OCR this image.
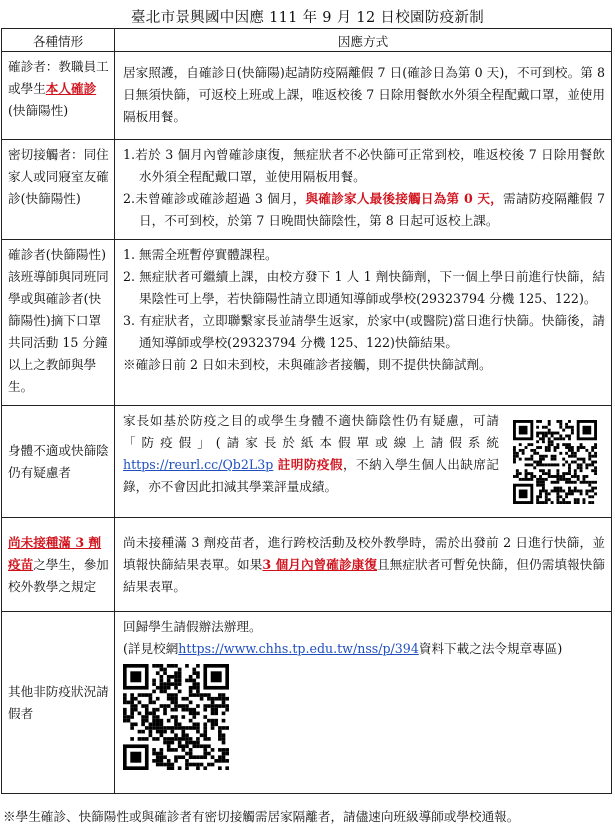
臺北市景興國中因應 111 年 9 月 12 日校園防疫新制
各種情形	因應方式

確診者：教職員工或學生本人確診(快篩陽性)	居家照護，自確診日(快篩陽)起請防疫隔離假 7 日(確診日為第 0 天)，不可到校。第 8 日無須快篩，可返校上班或上課，唯返校後 7 日除用餐飲水外須全程配戴口罩，並使用隔板用餐。

密切接觸者：同住家人或同寢室友確診(快篩陽性)	1.若於 3 個月內曾確診康復，無症狀者不必快篩可正常到校，唯返校後 7 日除用餐飲水外須全程配戴口罩，並使用隔板用餐。
2.未曾確診或確診超過 3 個月，與確診家人最後接觸日為第 0 天，需請防疫隔離假 7 日，不可到校，於第 7 日晚間快篩陰性，第 8 日起可返校上課。

確診者(快篩陽性)該班導師與同班同學或與確診者(快篩陽性)摘下口罩共同活動 15 分鐘以上之教師與學生。	1. 無需全班暫停實體課程。
2. 無症狀者可繼續上課，由校方發下 1 人 1 劑快篩劑，下一個上學日前進行快篩，結果陰性可上學，若快篩陽性請立即通知導師或學校(29323794 分機 125、122)。
3. 有症狀者，立即聯繫家長並請學生返家，於家中(或醫院)當日進行快篩。快篩後，請通知導師或學校(29323794 分機 125、122)快篩結果。
※確診日前 2 日如未到校，未與確診者接觸，則不提供快篩試劑。

身體不適或快篩陰仍有疑慮者	家長如基於防疫之目的或學生身體不適快篩陰性仍有疑慮，可請「防疫假」(請家長於紙本假單或線上請假系統 https://reurl.cc/Qb2L3p 註明防疫假，不納入學生個人出缺席記錄，亦不會因此扣減其學業評量成績。

尚未接種滿 3 劑疫苗之學生，參加校外教學之規定	尚未接種滿 3 劑疫苗者，進行跨校活動及校外教學時，需於出發前 2 日進行快篩，並填報快篩結果表單。如果3 個月內曾確診康復且無症狀者可暫免快篩，但仍需填報快篩結果表單。

其他非防疫狀況請假者	回歸學生請假辦法辦理。
(詳見校網https://www.chhs.tp.edu.tw/nss/p/394資料下載之法令規章專區)
※學生確診、快篩陽性或與確診者有密切接觸需居家隔離者，請儘速向班級導師或學校通報。
